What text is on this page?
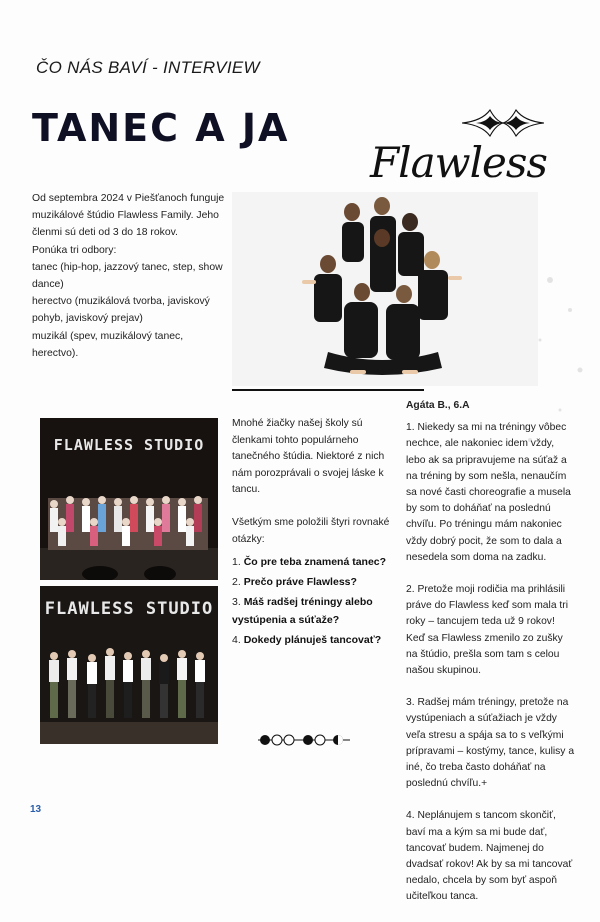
ČO NÁS BAVÍ - INTERVIEW
TANEC A JA
Flawless

Od septembra 2024 v Piešťanoch funguje muzikálové štúdio Flawless Family. Jeho členmi sú deti od 3 do 18 rokov.

Ponúka tri odbory:

tanec (hip-hop, jazzový tanec, step, show dance)

herectvo (muzikálová tvorba, javiskový pohyb, javiskový prejav)

muzikál (spev, muzikálový tanec, herectvo).

FLAWLESS STUDIO
FLAWLESS STUDIO

Mnohé žiačky našej školy sú členkami tohto populárneho tanečného štúdia. Niektoré z nich nám porozprávali o svojej láske k tancu.

Všetkým sme položili štyri rovnaké otázky:

1. Čo pre teba znamená tanec?
2. Prečo práve Flawless?
3. Máš radšej tréningy alebo vystúpenia a súťaže?
4. Dokedy plánuješ tancovať?
Agáta B., 6.A

1. Niekedy sa mi na tréningy vôbec nechce, ale nakoniec idem vždy, lebo ak sa pripravujeme na súťaž a na tréning by som nešla, nenaučím sa nové časti choreografie a musela by som to doháňať na poslednú chvíľu. Po tréningu mám nakoniec vždy dobrý pocit, že som to dala a nesedela som doma na zadku.

2. Pretože moji rodičia ma prihlásili práve do Flawless keď som mala tri roky – tancujem teda už 9 rokov! Keď sa Flawless zmenilo zo zušky na štúdio, prešla som tam s celou našou skupinou.

3. Radšej mám tréningy, pretože na vystúpeniach a súťažiach je vždy veľa stresu a spája sa to s veľkými prípravami – kostýmy, tance, kulisy a iné, čo treba často doháňať na poslednú chvíľu.+

4. Neplánujem s tancom skončiť, baví ma a kým sa mi bude dať, tancovať budem. Najmenej do dvadsať rokov! Ak by sa mi tancovať nedalo, chcela by som byť aspoň učiteľkou tanca.

13
